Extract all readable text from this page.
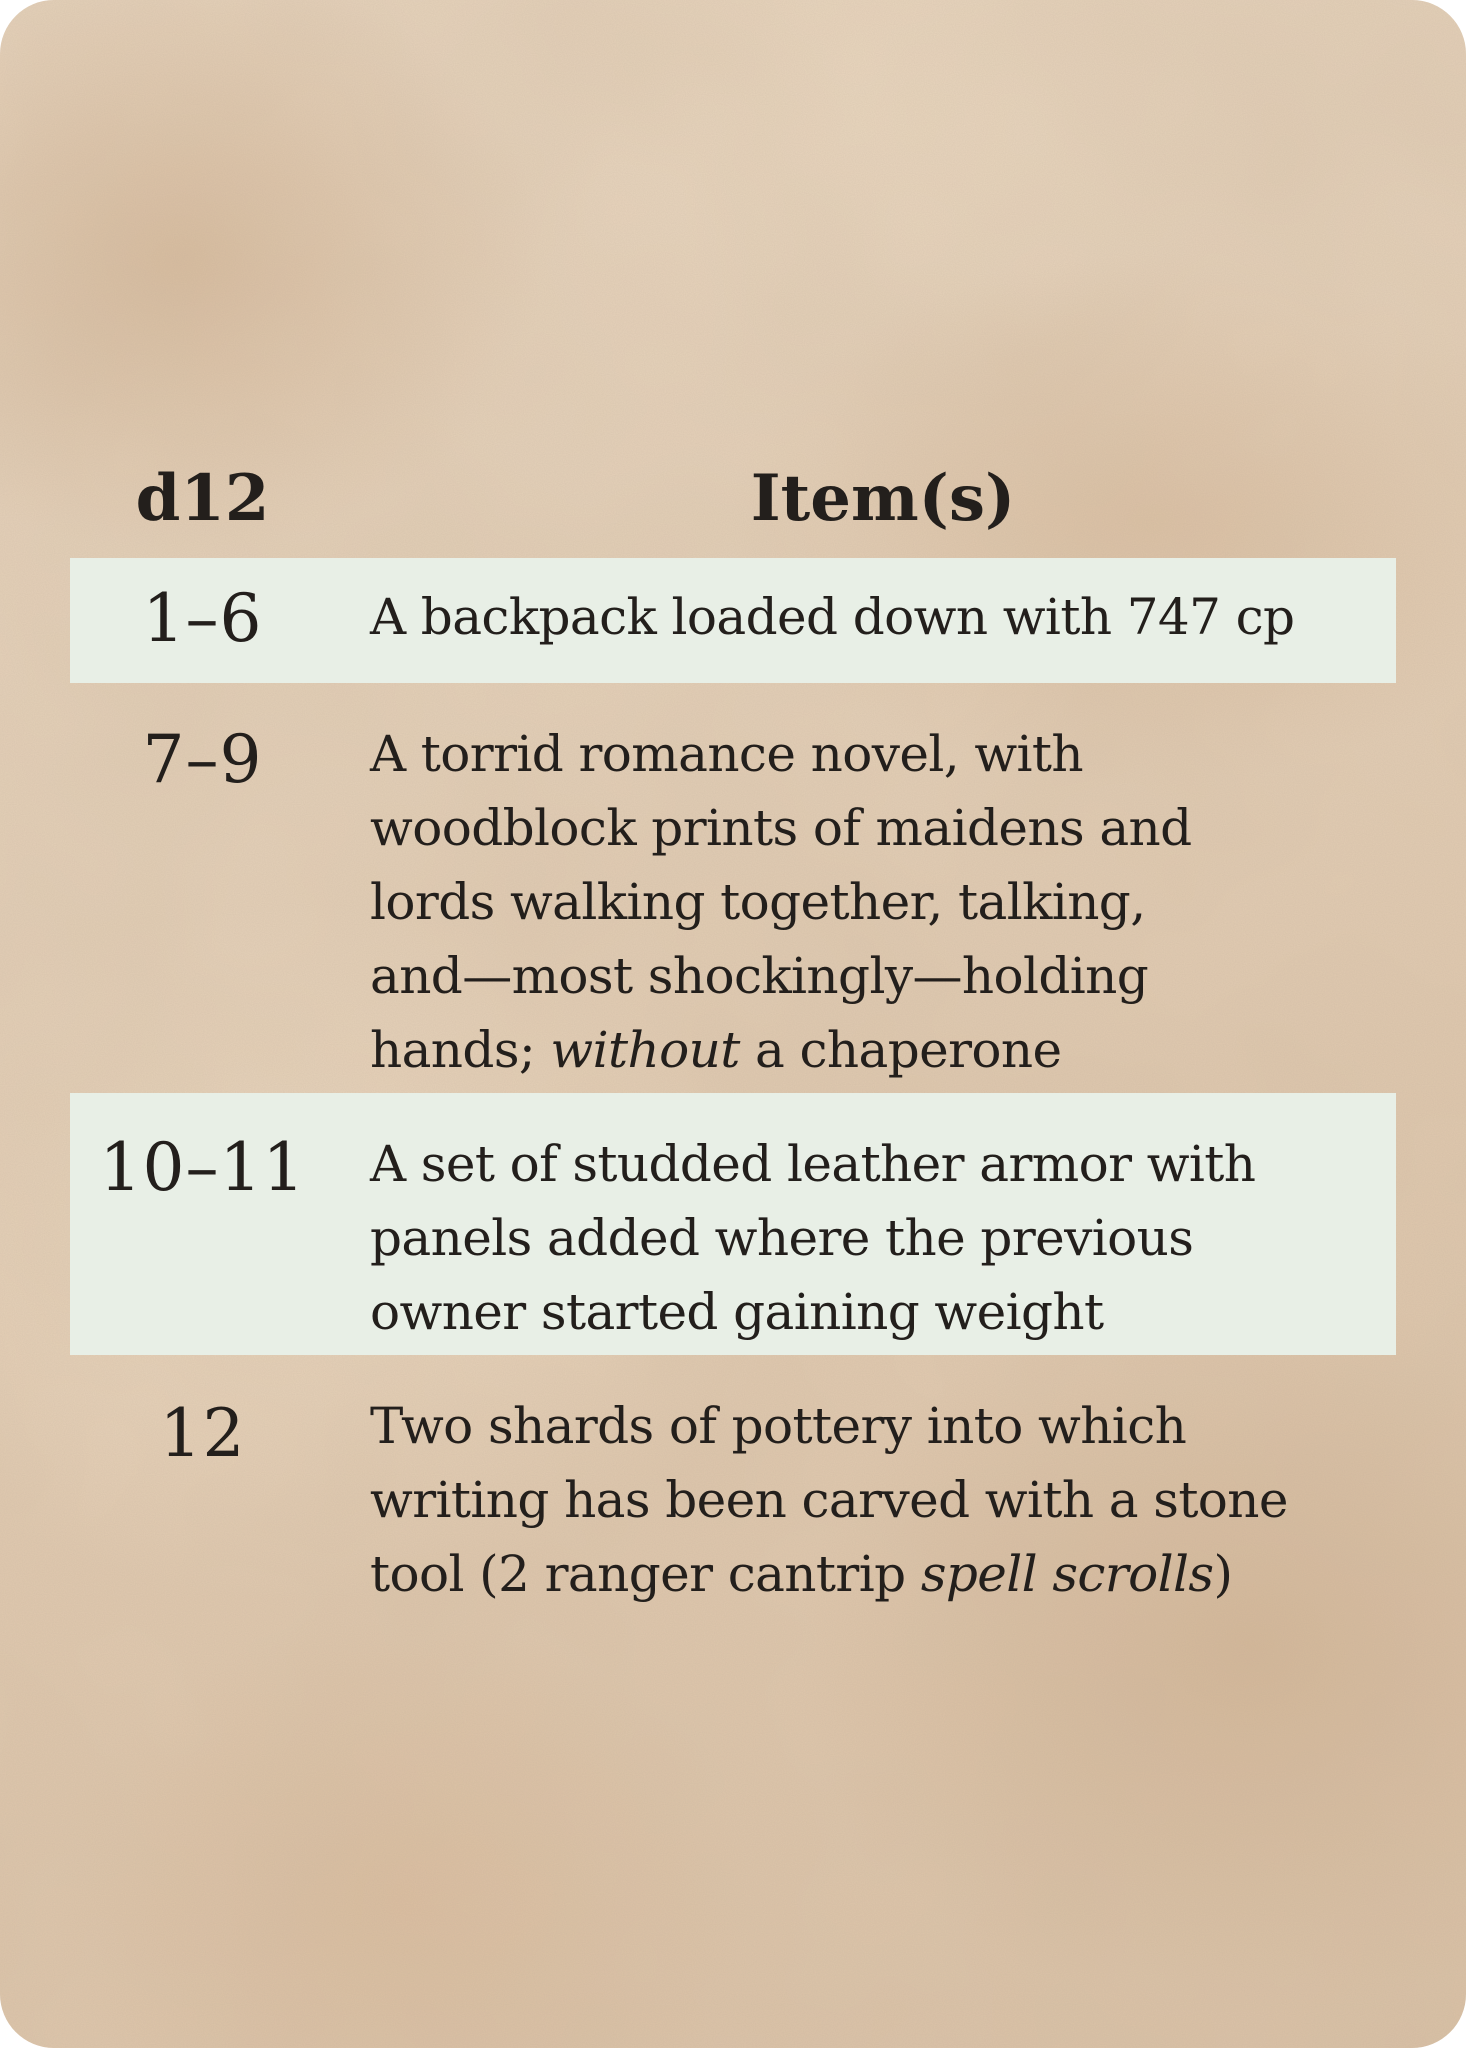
d12	Item(s)
1–6	A backpack loaded down with 747 cp
7–9	A torrid romance novel, with
woodblock prints of maidens and
lords walking together, talking,
and—most shockingly—holding
hands; without a chaperone
10–11	A set of studded leather armor with
panels added where the previous
owner started gaining weight
12	Two shards of pottery into which
writing has been carved with a stone
tool (2 ranger cantrip spell scrolls)
